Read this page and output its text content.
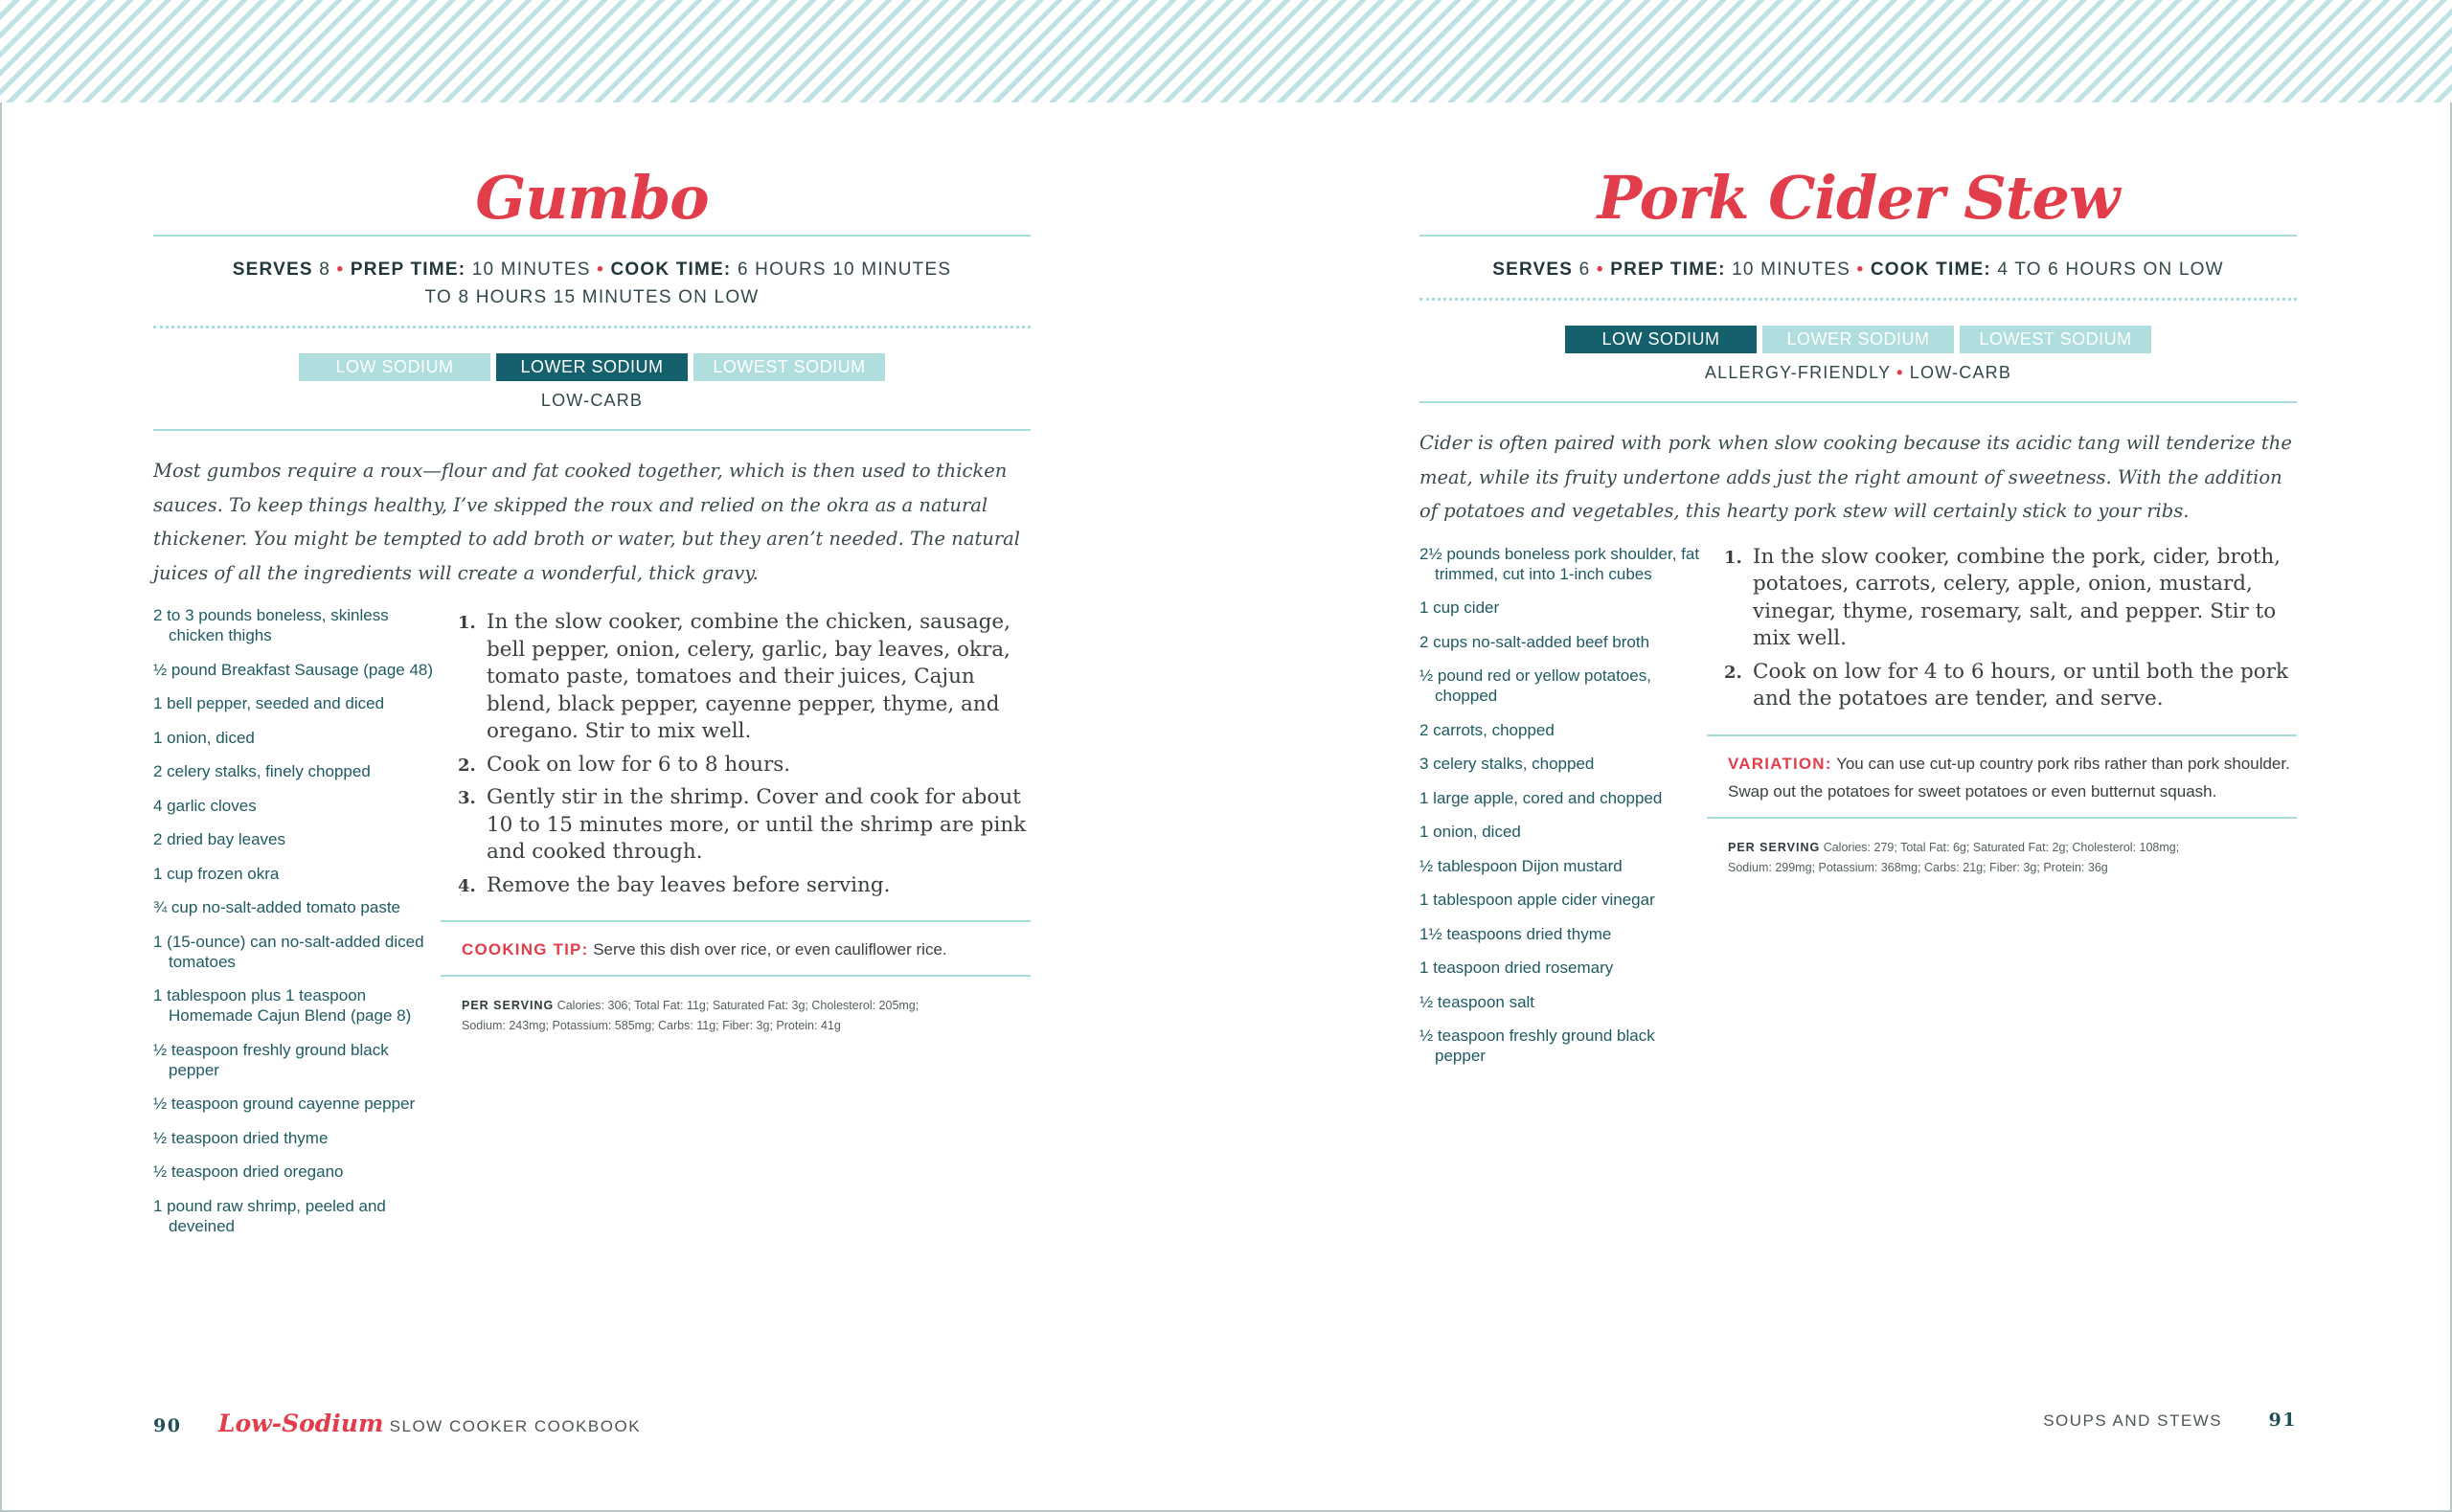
Gumbo
SERVES 8 • PREP TIME: 10 MINUTES • COOK TIME: 6 HOURS 10 MINUTES
TO 8 HOURS 15 MINUTES ON LOW
LOW SODIUM	LOWER SODIUM	LOWEST SODIUM
LOW-CARB

Most gumbos require a roux—flour and fat cooked together, which is then used to thicken sauces. To keep things healthy, I’ve skipped the roux and relied on the okra as a natural thickener. You might be tempted to add broth or water, but they aren’t needed. The natural juices of all the ingredients will create a wonderful, thick gravy.

2 to 3 pounds boneless, skinless chicken thighs
½ pound Breakfast Sausage (page 48)
1 bell pepper, seeded and diced
1 onion, diced
2 celery stalks, finely chopped
4 garlic cloves
2 dried bay leaves
1 cup frozen okra
¾ cup no-salt-added tomato paste
1 (15-ounce) can no-salt-added diced tomatoes
1 tablespoon plus 1 teaspoon Homemade Cajun Blend (page 8)
½ teaspoon freshly ground black pepper
½ teaspoon ground cayenne pepper
½ teaspoon dried thyme
½ teaspoon dried oregano
1 pound raw shrimp, peeled and deveined
1. In the slow cooker, combine the chicken, sausage, bell pepper, onion, celery, garlic, bay leaves, okra, tomato paste, tomatoes and their juices, Cajun blend, black pepper, cayenne pepper, thyme, and oregano. Stir to mix well.
2. Cook on low for 6 to 8 hours.
3. Gently stir in the shrimp. Cover and cook for about 10 to 15 minutes more, or until the shrimp are pink and cooked through.
4. Remove the bay leaves before serving.
COOKING TIP: Serve this dish over rice, or even cauliflower rice.
PER SERVING Calories: 306; Total Fat: 11g; Saturated Fat: 3g; Cholesterol: 205mg;
Sodium: 243mg; Potassium: 585mg; Carbs: 11g; Fiber: 3g; Protein: 41g
Pork Cider Stew
SERVES 6 • PREP TIME: 10 MINUTES • COOK TIME: 4 TO 6 HOURS ON LOW
LOW SODIUM	LOWER SODIUM	LOWEST SODIUM
ALLERGY-FRIENDLY • LOW-CARB

Cider is often paired with pork when slow cooking because its acidic tang will tenderize the meat, while its fruity undertone adds just the right amount of sweetness. With the addition of potatoes and vegetables, this hearty pork stew will certainly stick to your ribs.

2½ pounds boneless pork shoulder, fat trimmed, cut into 1-inch cubes
1 cup cider
2 cups no-salt-added beef broth
½ pound red or yellow potatoes, chopped
2 carrots, chopped
3 celery stalks, chopped
1 large apple, cored and chopped
1 onion, diced
½ tablespoon Dijon mustard
1 tablespoon apple cider vinegar
1½ teaspoons dried thyme
1 teaspoon dried rosemary
½ teaspoon salt
½ teaspoon freshly ground black pepper
1. In the slow cooker, combine the pork, cider, broth, potatoes, carrots, celery, apple, onion, mustard, vinegar, thyme, rosemary, salt, and pepper. Stir to mix well.
2. Cook on low for 4 to 6 hours, or until both the pork and the potatoes are tender, and serve.
VARIATION: You can use cut-up country pork ribs rather than pork shoulder. Swap out the potatoes for sweet potatoes or even butternut squash.
PER SERVING Calories: 279; Total Fat: 6g; Saturated Fat: 2g; Cholesterol: 108mg;
Sodium: 299mg; Potassium: 368mg; Carbs: 21g; Fiber: 3g; Protein: 36g
90 Low-Sodium SLOW COOKER COOKBOOK	SOUPS AND STEWS	91
